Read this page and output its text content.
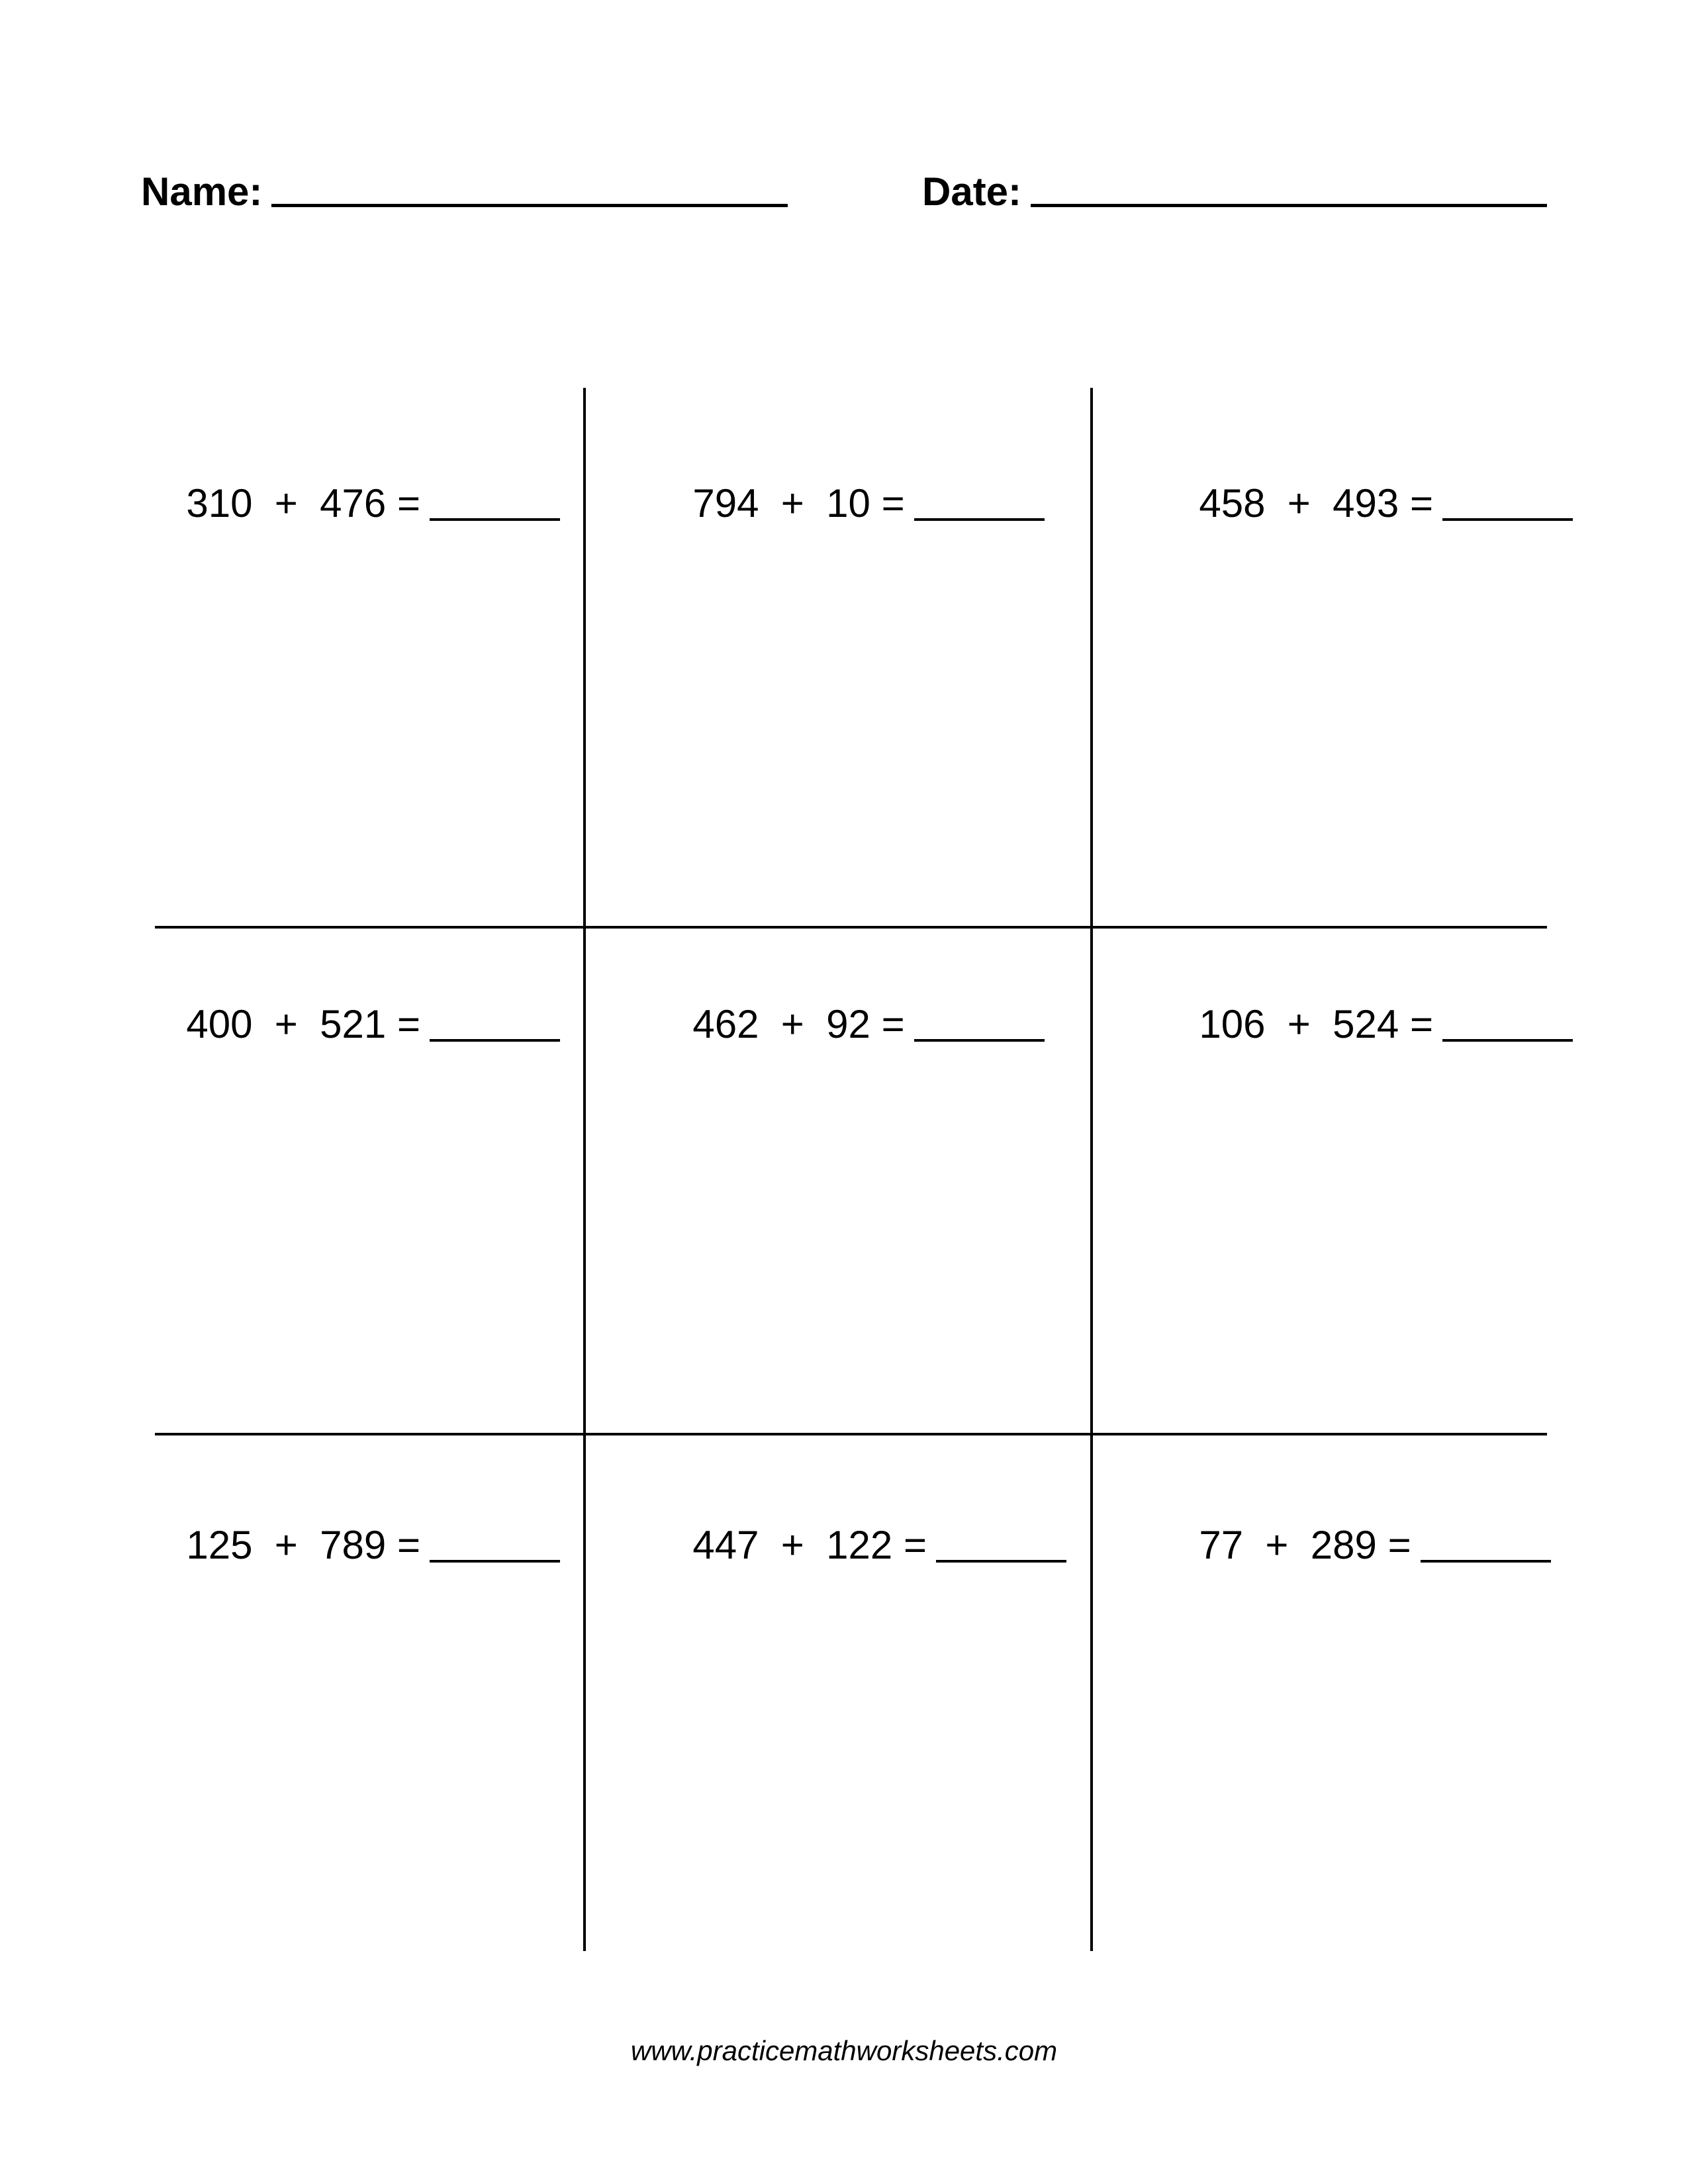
Name:	Date:

310  +  476 =	794  +  10 =	458  +  493 =

400  +  521 =	462  +  92 =	106  +  524 =

125  +  789 =	447  +  122 =	77  +  289 =

www.practicemathworksheets.com
